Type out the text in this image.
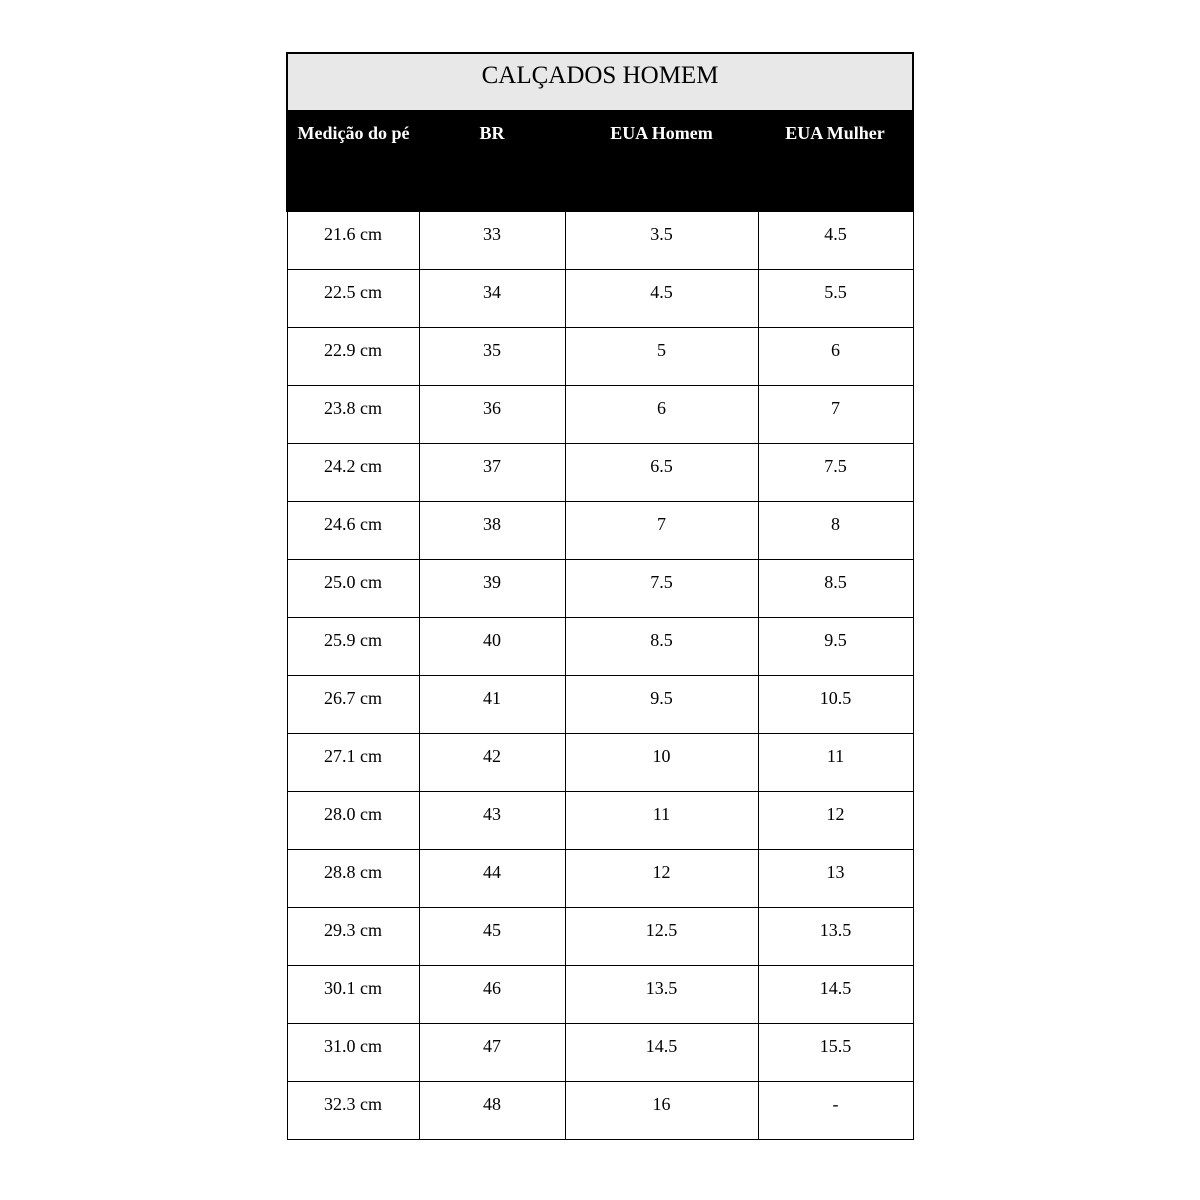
CALÇADOS HOMEM			
Medição do pé	BR	EUA Homem	EUA Mulher
21.6 cm	33	3.5	4.5
22.5 cm	34	4.5	5.5
22.9 cm	35	5	6
23.8 cm	36	6	7
24.2 cm	37	6.5	7.5
24.6 cm	38	7	8
25.0 cm	39	7.5	8.5
25.9 cm	40	8.5	9.5
26.7 cm	41	9.5	10.5
27.1 cm	42	10	11
28.0 cm	43	11	12
28.8 cm	44	12	13
29.3 cm	45	12.5	13.5
30.1 cm	46	13.5	14.5
31.0 cm	47	14.5	15.5
32.3 cm	48	16	-
